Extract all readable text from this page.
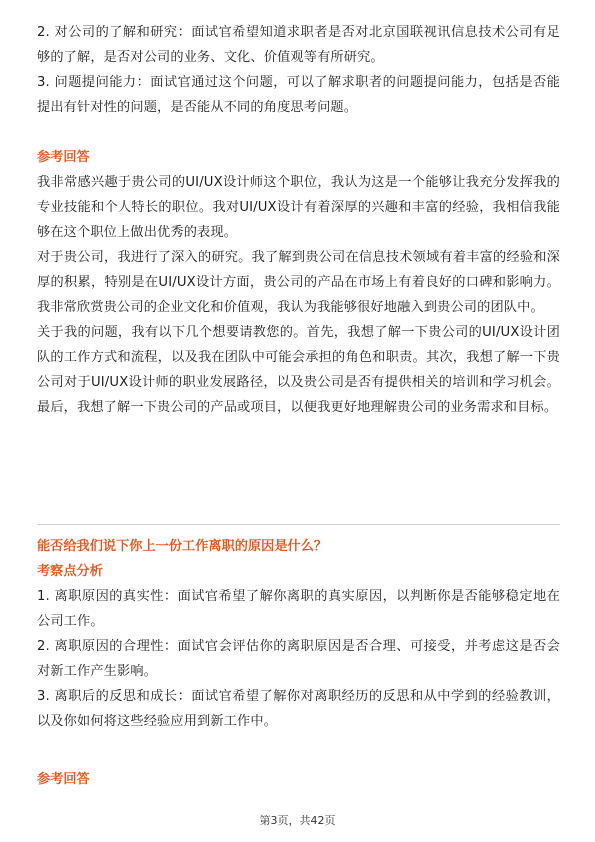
2. 对公司的了解和研究：面试官希望知道求职者是否对北京国联视讯信息技术公司有足够的了解，是否对公司的业务、文化、价值观等有所研究。

3. 问题提问能力：面试官通过这个问题，可以了解求职者的问题提问能力，包括是否能提出有针对性的问题，是否能从不同的角度思考问题。

参考回答

我非常感兴趣于贵公司的UI/UX设计师这个职位，我认为这是一个能够让我充分发挥我的专业技能和个人特长的职位。我对UI/UX设计有着深厚的兴趣和丰富的经验，我相信我能够在这个职位上做出优秀的表现。

对于贵公司，我进行了深入的研究。我了解到贵公司在信息技术领域有着丰富的经验和深厚的积累，特别是在UI/UX设计方面，贵公司的产品在市场上有着良好的口碑和影响力。我非常欣赏贵公司的企业文化和价值观，我认为我能够很好地融入到贵公司的团队中。

关于我的问题，我有以下几个想要请教您的。首先，我想了解一下贵公司的UI/UX设计团队的工作方式和流程，以及我在团队中可能会承担的角色和职责。其次，我想了解一下贵公司对于UI/UX设计师的职业发展路径，以及贵公司是否有提供相关的培训和学习机会。最后，我想了解一下贵公司的产品或项目，以便我更好地理解贵公司的业务需求和目标。

能否给我们说下你上一份工作离职的原因是什么？
考察点分析

1. 离职原因的真实性：面试官希望了解你离职的真实原因，以判断你是否能够稳定地在公司工作。

2. 离职原因的合理性：面试官会评估你的离职原因是否合理、可接受，并考虑这是否会对新工作产生影响。

3. 离职后的反思和成长：面试官希望了解你对离职经历的反思和从中学到的经验教训，以及你如何将这些经验应用到新工作中。

参考回答
第3页，共42页
